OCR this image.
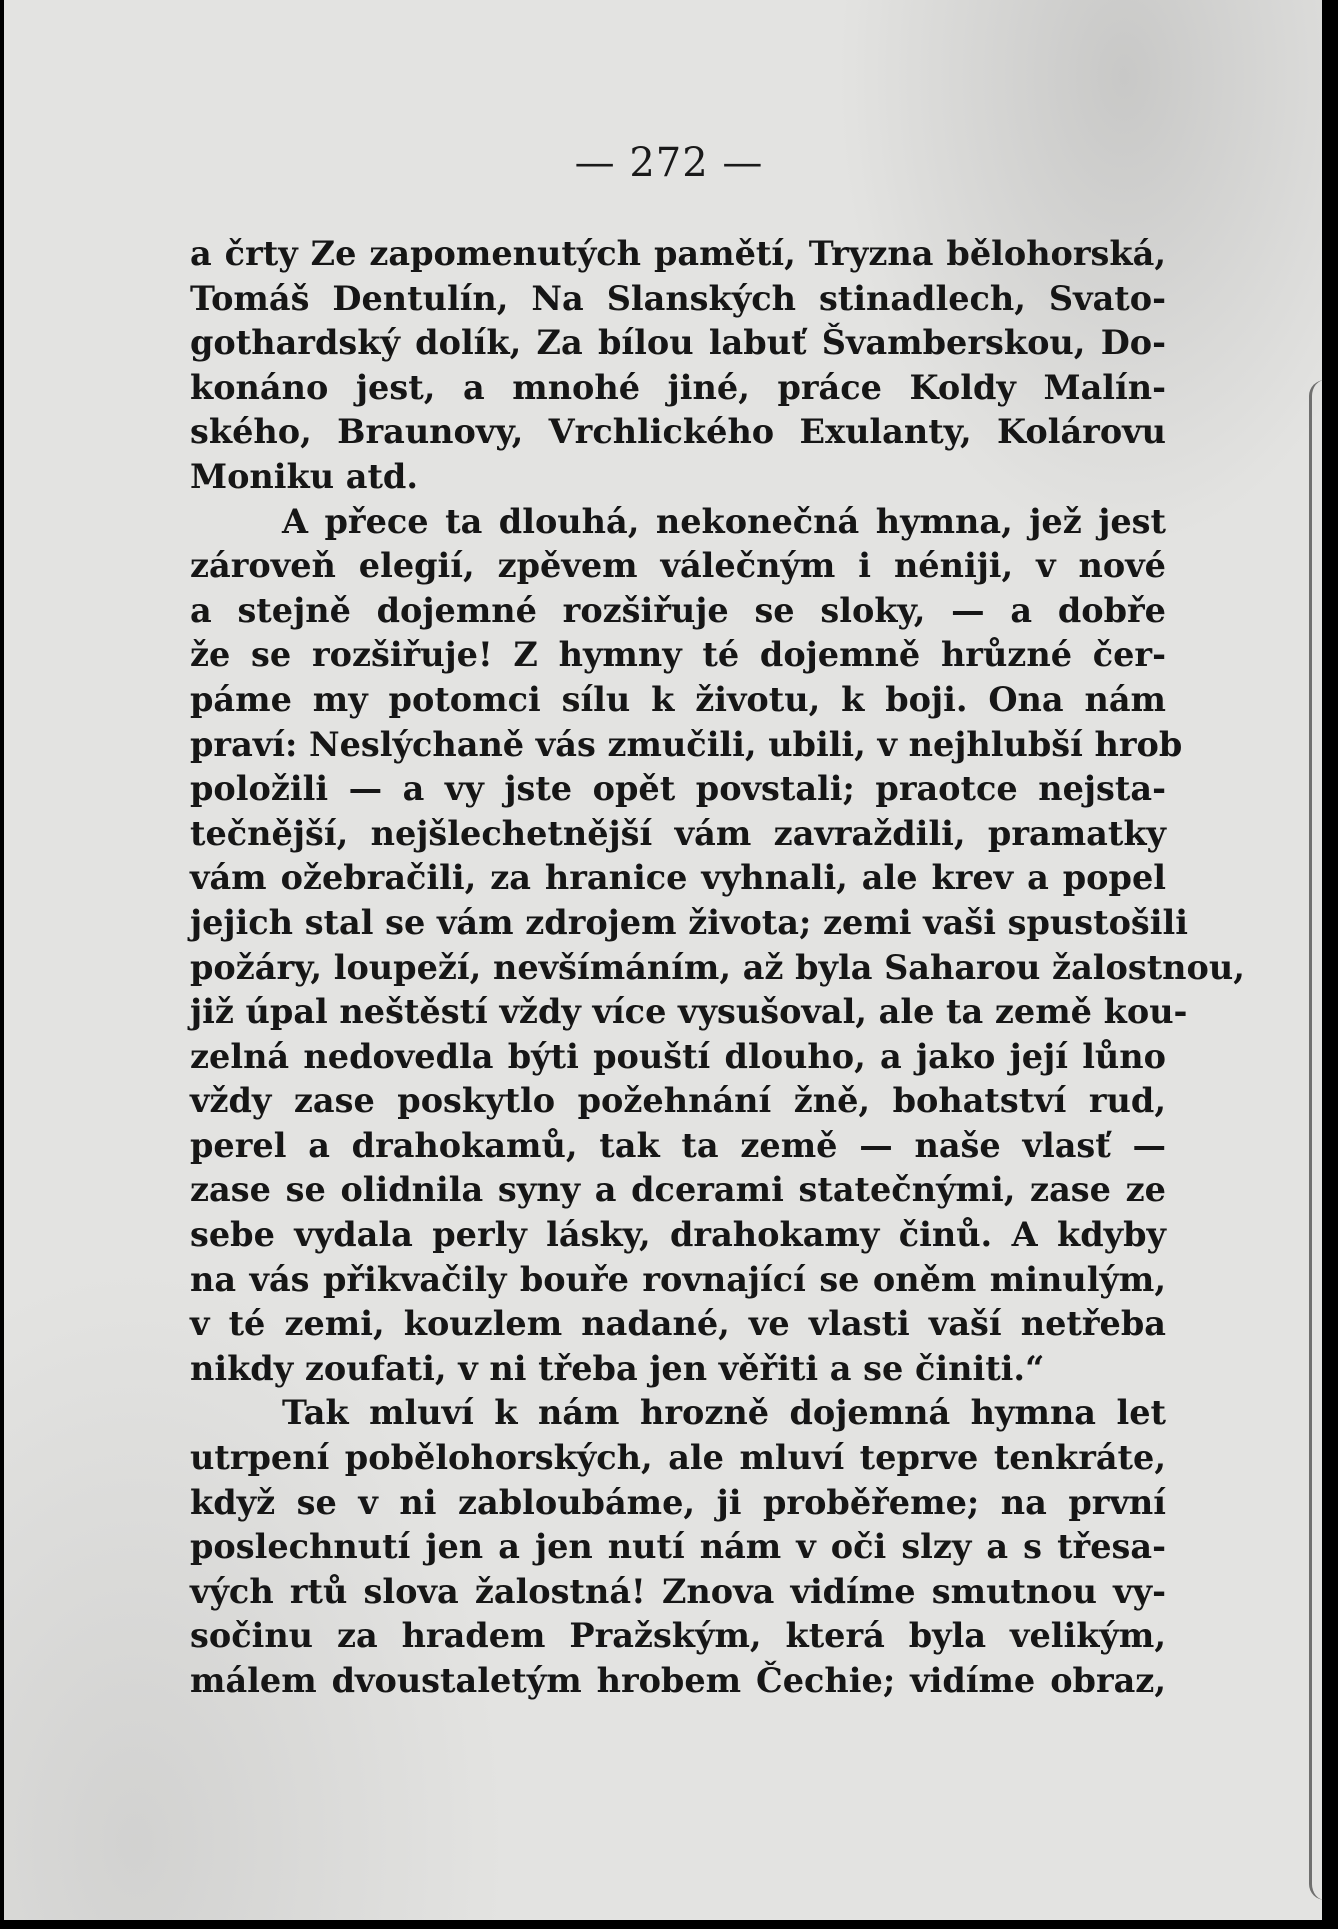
— 272 —
a črty Ze zapomenutých pamětí, Tryzna bělohorská,
Tomáš Dentulín, Na Slanských stinadlech, Svato-
gothardský dolík, Za bílou labuť Švamberskou, Do-
konáno jest, a mnohé jiné, práce Koldy Malín-
ského, Braunovy, Vrchlického Exulanty, Kolárovu
Moniku atd.
A přece ta dlouhá, nekonečná hymna, jež jest
zároveň elegií, zpěvem válečným i néniji, v nové
a stejně dojemné rozšiřuje se sloky, — a dobře
že se rozšiřuje! Z hymny té dojemně hrůzné čer-
páme my potomci sílu k životu, k boji. Ona nám
praví: Neslýchaně vás zmučili, ubili, v nejhlubší hrob
položili — a vy jste opět povstali; praotce nejsta-
tečnější, nejšlechetnější vám zavraždili, pramatky
vám ožebračili, za hranice vyhnali, ale krev a popel
jejich stal se vám zdrojem života; zemi vaši spustošili
požáry, loupeží, nevšímáním, až byla Saharou žalostnou,
již úpal neštěstí vždy více vysušoval, ale ta země kou-
zelná nedovedla býti pouští dlouho, a jako její lůno
vždy zase poskytlo požehnání žně, bohatství rud,
perel a drahokamů, tak ta země — naše vlasť —
zase se olidnila syny a dcerami statečnými, zase ze
sebe vydala perly lásky, drahokamy činů. A kdyby
na vás přikvačily bouře rovnající se oněm minulým,
v té zemi, kouzlem nadané, ve vlasti vaší netřeba
nikdy zoufati, v ni třeba jen věřiti a se činiti.“
Tak mluví k nám hrozně dojemná hymna let
utrpení pobělohorských, ale mluví teprve tenkráte,
když se v ni zabloubáme, ji proběřeme; na první
poslechnutí jen a jen nutí nám v oči slzy a s třesa-
vých rtů slova žalostná! Znova vidíme smutnou vy-
sočinu za hradem Pražským, která byla velikým,
málem dvoustaletým hrobem Čechie; vidíme obraz,
